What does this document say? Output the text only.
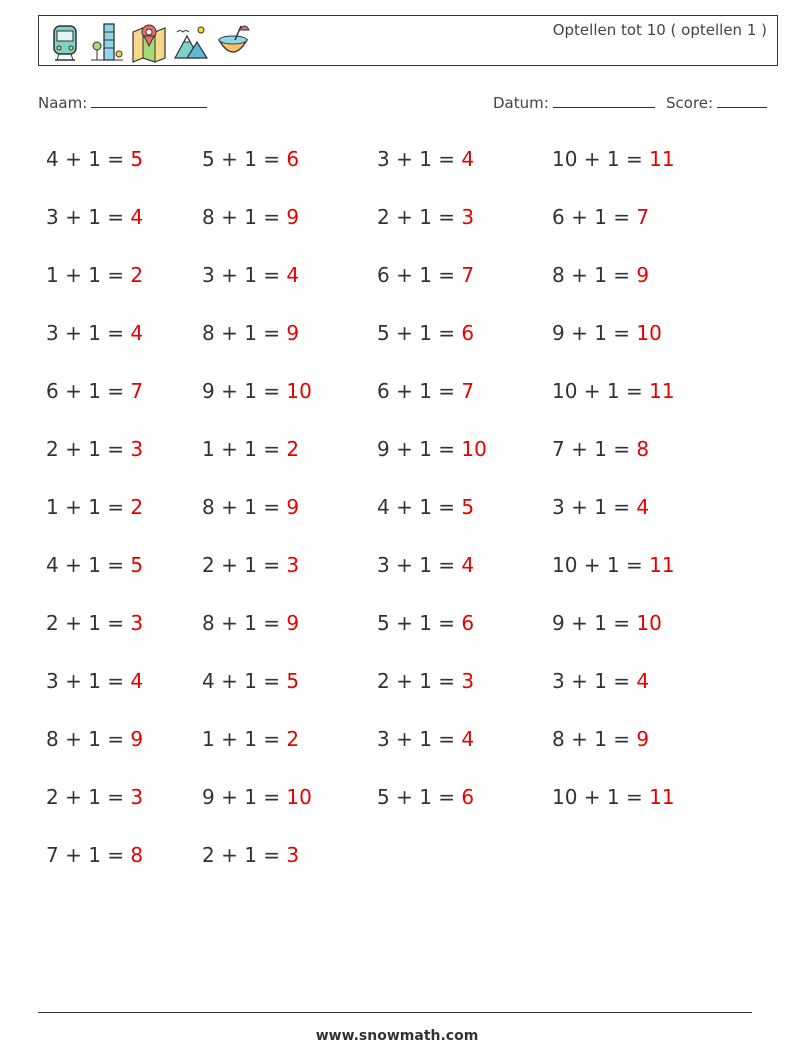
Optellen tot 10 ( optellen 1 )
Naam:	Datum:	Score:
4 + 1 = 5
3 + 1 = 4
1 + 1 = 2
3 + 1 = 4
6 + 1 = 7
2 + 1 = 3
1 + 1 = 2
4 + 1 = 5
2 + 1 = 3
3 + 1 = 4
8 + 1 = 9
2 + 1 = 3
7 + 1 = 8
5 + 1 = 6
8 + 1 = 9
3 + 1 = 4
8 + 1 = 9
9 + 1 = 10
1 + 1 = 2
8 + 1 = 9
2 + 1 = 3
8 + 1 = 9
4 + 1 = 5
1 + 1 = 2
9 + 1 = 10
2 + 1 = 3
3 + 1 = 4
2 + 1 = 3
6 + 1 = 7
5 + 1 = 6
6 + 1 = 7
9 + 1 = 10
4 + 1 = 5
3 + 1 = 4
5 + 1 = 6
2 + 1 = 3
3 + 1 = 4
5 + 1 = 6
10 + 1 = 11
6 + 1 = 7
8 + 1 = 9
9 + 1 = 10
10 + 1 = 11
7 + 1 = 8
3 + 1 = 4
10 + 1 = 11
9 + 1 = 10
3 + 1 = 4
8 + 1 = 9
10 + 1 = 11
www.snowmath.com
